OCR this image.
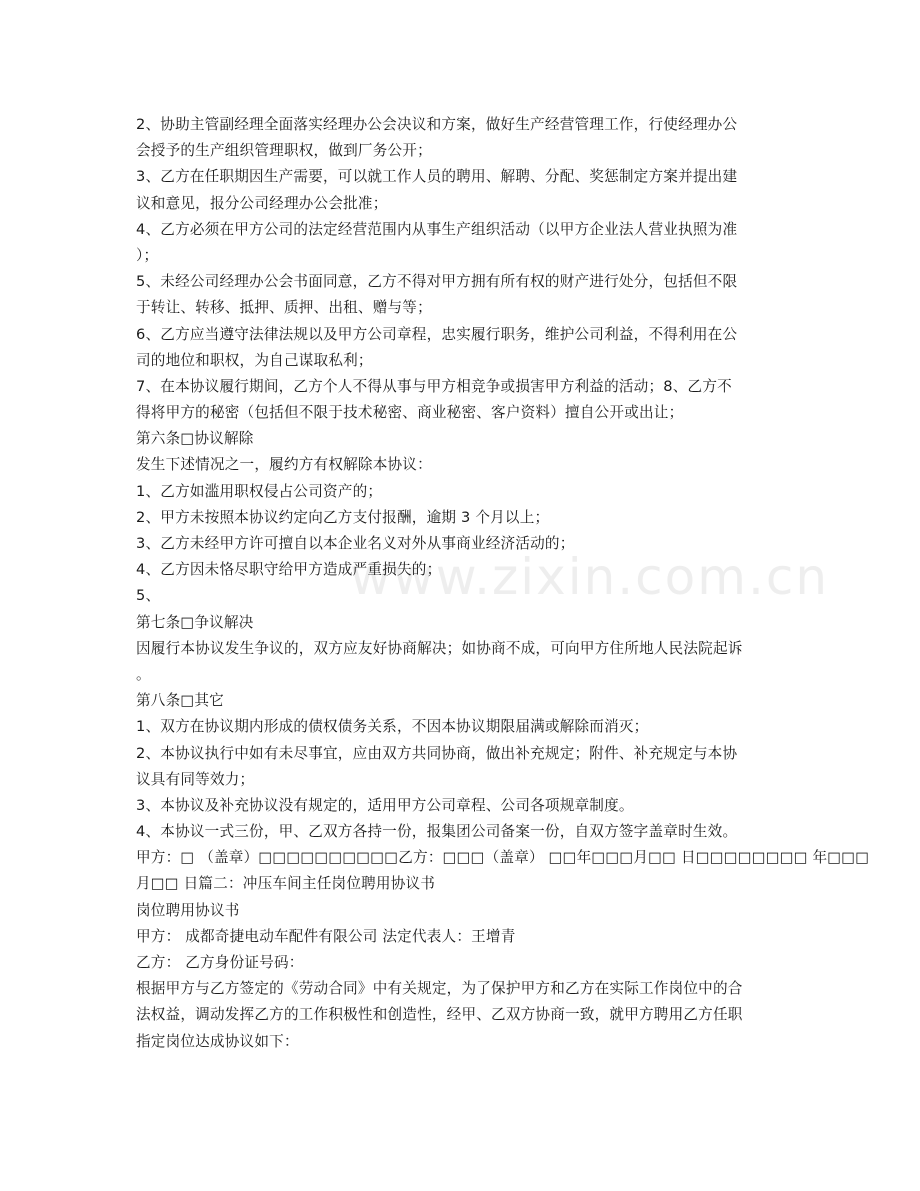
www.zixin.com.cn
2、协助主管副经理全面落实经理办公会决议和方案，做好生产经营管理工作，行使经理办公
会授予的生产组织管理职权，做到厂务公开；
3、乙方在任职期因生产需要，可以就工作人员的聘用、解聘、分配、奖惩制定方案并提出建
议和意见，报分公司经理办公会批准；
4、乙方必须在甲方公司的法定经营范围内从事生产组织活动（以甲方企业法人营业执照为准
）；
5、未经公司经理办公会书面同意，乙方不得对甲方拥有所有权的财产进行处分，包括但不限
于转让、转移、抵押、质押、出租、赠与等；
6、乙方应当遵守法律法规以及甲方公司章程，忠实履行职务，维护公司利益，不得利用在公
司的地位和职权，为自己谋取私利；
7、在本协议履行期间，乙方个人不得从事与甲方相竞争或损害甲方利益的活动；8、乙方不
得将甲方的秘密（包括但不限于技术秘密、商业秘密、客户资料）擅自公开或出让；
第六条□协议解除
发生下述情况之一，履约方有权解除本协议：
1、乙方如滥用职权侵占公司资产的；
2、甲方未按照本协议约定向乙方支付报酬，逾期 3 个月以上；
3、乙方未经甲方许可擅自以本企业名义对外从事商业经济活动的；
4、乙方因未恪尽职守给甲方造成严重损失的；
5、
第七条□争议解决
因履行本协议发生争议的，双方应友好协商解决；如协商不成，可向甲方住所地人民法院起诉
。
第八条□其它
1、双方在协议期内形成的债权债务关系，不因本协议期限届满或解除而消灭；
2、本协议执行中如有未尽事宜，应由双方共同协商，做出补充规定；附件、补充规定与本协
议具有同等效力；
3、本协议及补充协议没有规定的，适用甲方公司章程、公司各项规章制度。
4、本协议一式三份，甲、乙双方各持一份，报集团公司备案一份，自双方签字盖章时生效。
甲方：□ （盖章）□□□□□□□□□□乙方：□□□（盖章） □□年□□□月□□ 日□□□□□□□□ 年□□□
月□□ 日篇二：冲压车间主任岗位聘用协议书
岗位聘用协议书
甲方： 成都奇捷电动车配件有限公司 法定代表人：王增青
乙方： 乙方身份证号码：
根据甲方与乙方签定的《劳动合同》中有关规定，为了保护甲方和乙方在实际工作岗位中的合
法权益，调动发挥乙方的工作积极性和创造性，经甲、乙双方协商一致，就甲方聘用乙方任职
指定岗位达成协议如下：
